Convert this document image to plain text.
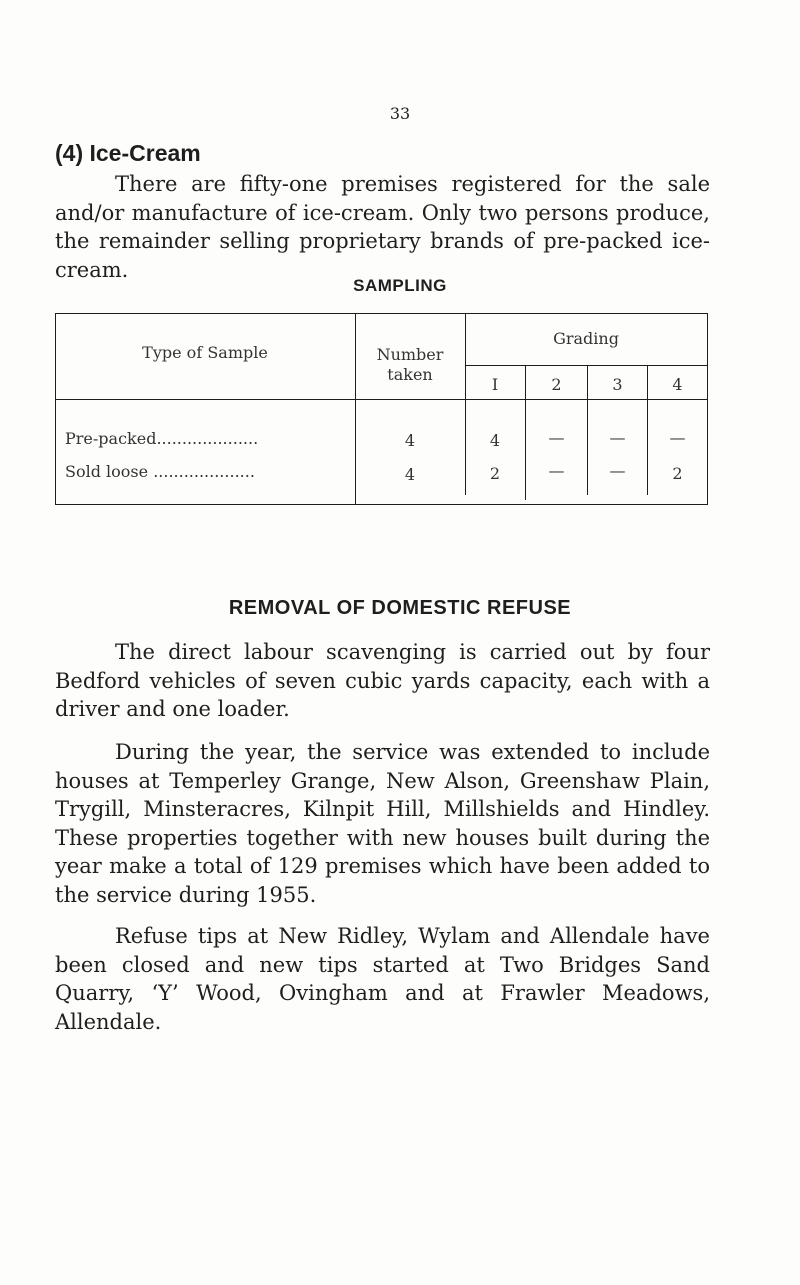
33
(4) Ice-Cream

There are fifty-one premises registered for the sale and/or manufacture of ice-cream. Only two persons produce, the remainder selling proprietary brands of pre-packed ice-cream.

SAMPLING
Type of Sample	Number taken
Grading
I	2	3	4
Pre-packed....................	4	4	—	—	—
Sold loose ....................	4	2	—	—	2
REMOVAL OF DOMESTIC REFUSE

The direct labour scavenging is carried out by four Bedford vehicles of seven cubic yards capacity, each with a driver and one loader.

During the year, the service was extended to include houses at Temperley Grange, New Alson, Greenshaw Plain, Trygill, Minsteracres, Kilnpit Hill, Millshields and Hindley. These properties together with new houses built during the year make a total of 129 premises which have been added to the service during 1955.

Refuse tips at New Ridley, Wylam and Allendale have been closed and new tips started at Two Bridges Sand Quarry, ‘Y’ Wood, Ovingham and at Frawler Meadows, Allendale.
